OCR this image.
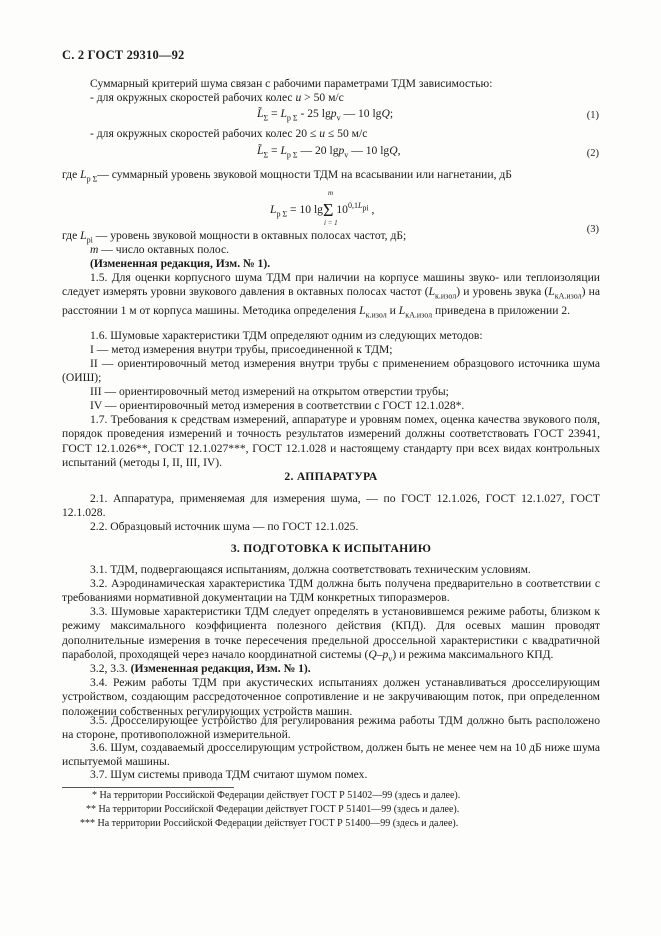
С. 2 ГОСТ 29310—92
Суммарный критерий шума связан с рабочими параметрами ТДМ зависимостью:
- для окружных скоростей рабочих колес u > 50 м/с
$L̃_\Sigma = L_{р \Sigma} - 25$ lgp$_v$ — 10 lgQ;	(1)
- для окружных скоростей рабочих колес 20 ≤ u ≤ 50 м/с
$L̃_\Sigma = L_{р \Sigma}$ — 20 lgp$_v$ — 10 lgQ,	(2)
где $L_{р \Sigma}—$ суммарный уровень звуковой мощности ТДМ на всасывании или нагнетании, дБ
$L_{р \Sigma} = 10$ lgΣ
m
i = 1
$10^{0,1L_{рi}}$ ,
(3)
где $L_{рi}$ — уровень звуковой мощности в октавных полосах частот, дБ;
m — число октавных полос.
(Измененная редакция, Изм. № 1).
1.5. Для оценки корпусного шума ТДМ при наличии на корпусе машины звуко- или теплоизоляции следует измерять уровни звукового давления в октавных полосах частот $(L_{к.изол})$ и уровень звука $(L_{кА.изол})$ на расстоянии 1 м от корпуса машины. Методика определения $L_{к.изол}$ и $L_{кА.изол}$ приведена в приложении 2.
1.6. Шумовые характеристики ТДМ определяют одним из следующих методов:
I — метод измерения внутри трубы, присоединенной к ТДМ;
II — ориентировочный метод измерения внутри трубы с применением образцового источника шума (ОИШ);
III — ориентировочный метод измерений на открытом отверстии трубы;
IV — ориентировочный метод измерения в соответствии с ГОСТ 12.1.028*.
1.7. Требования к средствам измерений, аппаратуре и уровням помех, оценка качества звукового поля, порядок проведения измерений и точность результатов измерений должны соответствовать ГОСТ 23941, ГОСТ 12.1.026**, ГОСТ 12.1.027***, ГОСТ 12.1.028 и настоящему стандарту при всех видах контрольных испытаний (методы I, II, III, IV).
2. АППАРАТУРА
2.1. Аппаратура, применяемая для измерения шума, — по ГОСТ 12.1.026, ГОСТ 12.1.027, ГОСТ 12.1.028.
2.2. Образцовый источник шума — по ГОСТ 12.1.025.
3. ПОДГОТОВКА К ИСПЫТАНИЮ
3.1. ТДМ, подвергающаяся испытаниям, должна соответствовать техническим условиям.
3.2. Аэродинамическая характеристика ТДМ должна быть получена предварительно в соответствии с требованиями нормативной документации на ТДМ конкретных типоразмеров.
3.3. Шумовые характеристики ТДМ следует определять в установившемся режиме работы, близком к режиму максимального коэффициента полезного действия (КПД). Для осевых машин проводят дополнительные измерения в точке пересечения предельной дроссельной характеристики с квадратичной параболой, проходящей через начало координатной системы $(Q-p_v)$ и режима максимального КПД.
3.2, 3.3. (Измененная редакция, Изм. № 1).
3.4. Режим работы ТДМ при акустических испытаниях должен устанавливаться дросселирующим устройством, создающим рассредоточенное сопротивление и не закручивающим поток, при определенном положении собственных регулирующих устройств машин.
3.5. Дросселирующее устройство для регулирования режима работы ТДМ должно быть расположено на стороне, противоположной измерительной.
3.6. Шум, создаваемый дросселирующим устройством, должен быть не менее чем на 10 дБ ниже шума испытуемой машины.
3.7. Шум системы привода ТДМ считают шумом помех.
* На территории Российской Федерации действует ГОСТ Р 51402—99 (здесь и далее).
** На территории Российской Федерации действует ГОСТ Р 51401—99 (здесь и далее).
*** На территории Российской Федерации действует ГОСТ Р 51400—99 (здесь и далее).
